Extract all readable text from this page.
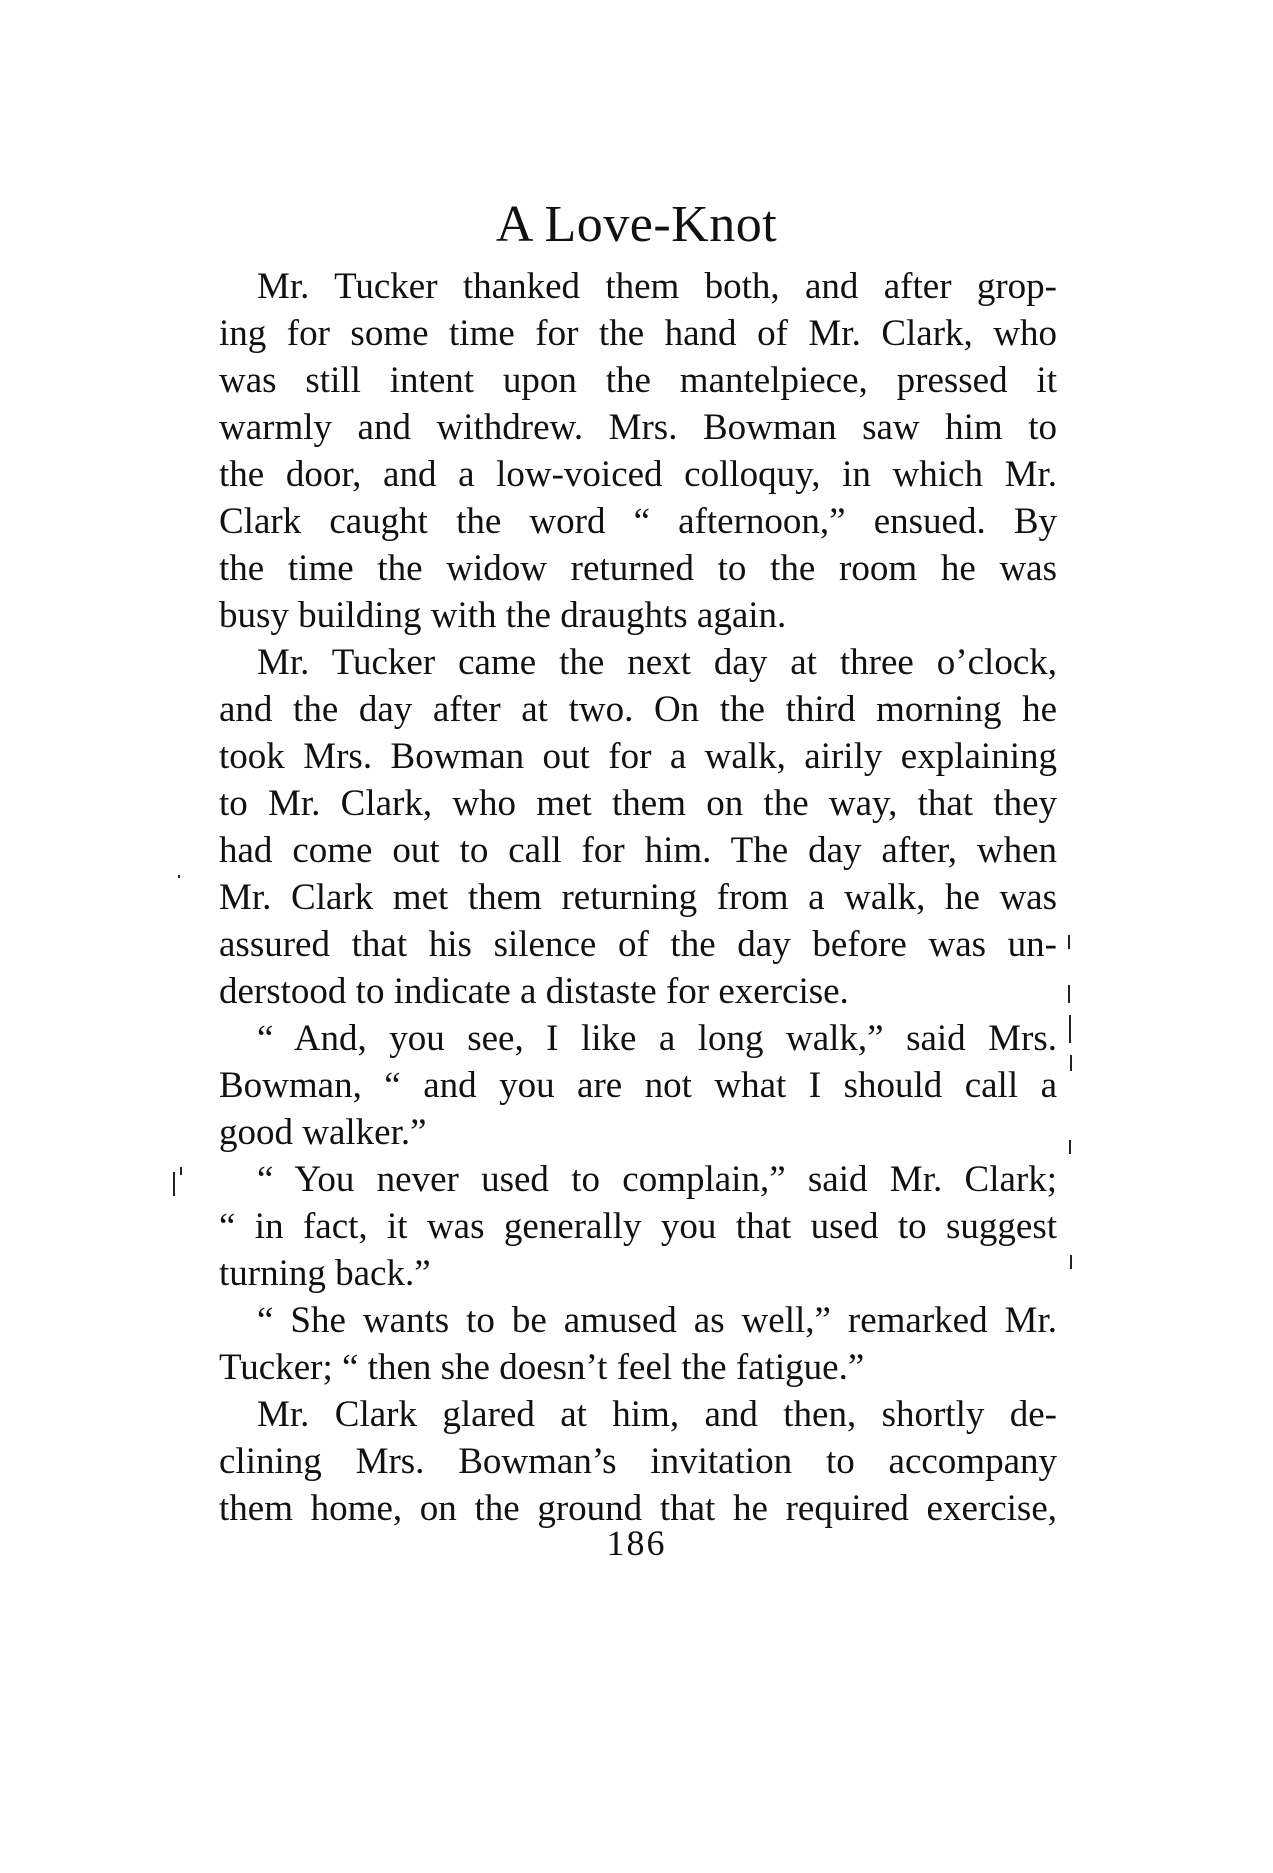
A Love-Knot
Mr. Tucker thanked them both, and after grop-
ing for some time for the hand of Mr. Clark, who
was still intent upon the mantelpiece, pressed it
warmly and withdrew. Mrs. Bowman saw him to
the door, and a low-voiced colloquy, in which Mr.
Clark caught the word “ afternoon,” ensued. By
the time the widow returned to the room he was
busy building with the draughts again.
Mr. Tucker came the next day at three o’clock,
and the day after at two. On the third morning he
took Mrs. Bowman out for a walk, airily explaining
to Mr. Clark, who met them on the way, that they
had come out to call for him. The day after, when
Mr. Clark met them returning from a walk, he was
assured that his silence of the day before was un-
derstood to indicate a distaste for exercise.
“ And, you see, I like a long walk,” said Mrs.
Bowman, “ and you are not what I should call a
good walker.”
“ You never used to complain,” said Mr. Clark;
“ in fact, it was generally you that used to suggest
turning back.”
“ She wants to be amused as well,” remarked Mr.
Tucker; “ then she doesn’t feel the fatigue.”
Mr. Clark glared at him, and then, shortly de-
clining Mrs. Bowman’s invitation to accompany
them home, on the ground that he required exercise,
186
